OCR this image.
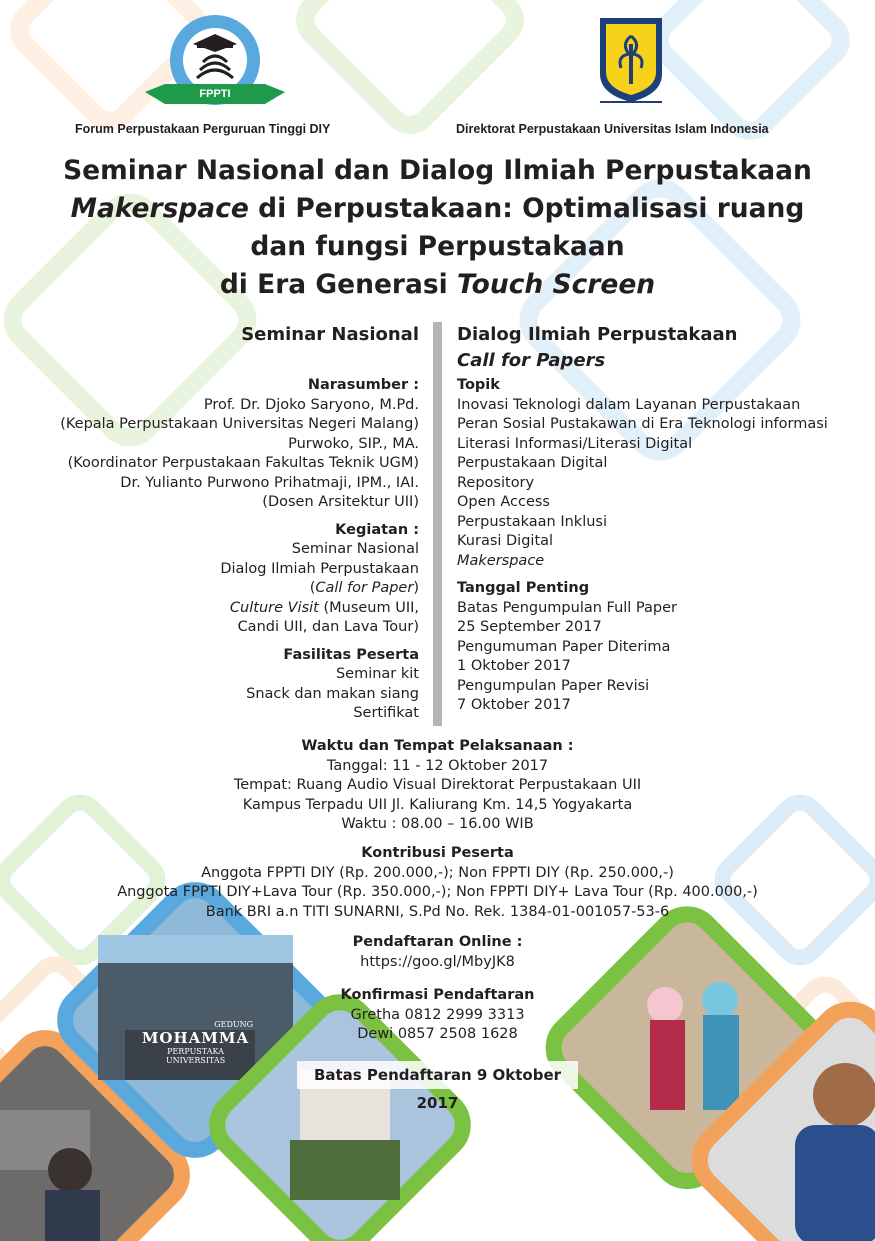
FPPTI
Forum Perpustakaan Perguruan Tinggi DIY	Direktorat Perpustakaan Universitas Islam Indonesia
Seminar Nasional dan Dialog Ilmiah Perpustakaan
Makerspace di Perpustakaan: Optimalisasi ruang
dan fungsi Perpustakaan
di Era Generasi Touch Screen
Seminar Nasional
Narasumber :
Prof. Dr. Djoko Saryono, M.Pd.
(Kepala Perpustakaan Universitas Negeri Malang)
Purwoko, SIP., MA.
(Koordinator Perpustakaan Fakultas Teknik UGM)
Dr. Yulianto Purwono Prihatmaji, IPM., IAI.
(Dosen Arsitektur UII)
Kegiatan :
Seminar Nasional
Dialog Ilmiah Perpustakaan
(Call for Paper)
Culture Visit (Museum UII,
Candi UII, dan Lava Tour)
Fasilitas Peserta
Seminar kit
Snack dan makan siang
Sertifikat
Dialog Ilmiah Perpustakaan
Call for Papers
Topik
Inovasi Teknologi dalam Layanan Perpustakaan
Peran Sosial Pustakawan di Era Teknologi informasi
Literasi Informasi/Literasi Digital
Perpustakaan Digital
Repository
Open Access
Perpustakaan Inklusi
Kurasi Digital
Makerspace
Tanggal Penting
Batas Pengumpulan Full Paper
25 September 2017
Pengumuman Paper Diterima
1 Oktober 2017
Pengumpulan Paper Revisi
7 Oktober 2017
Waktu dan Tempat Pelaksanaan :
Tanggal: 11 - 12 Oktober 2017
Tempat: Ruang Audio Visual Direktorat Perpustakaan UII
Kampus Terpadu UII Jl. Kaliurang Km. 14,5 Yogyakarta
Waktu : 08.00 – 16.00 WIB
Kontribusi Peserta
Anggota FPPTI DIY (Rp. 200.000,-); Non FPPTI DIY (Rp. 250.000,-)
Anggota FPPTI DIY+Lava Tour (Rp. 350.000,-); Non FPPTI DIY+ Lava Tour (Rp. 400.000,-)
Bank BRI a.n TITI SUNARNI, S.Pd No. Rek. 1384-01-001057-53-6
Pendaftaran Online :
https://goo.gl/MbyJK8
Konfirmasi Pendaftaran
Gretha 0812 2999 3313
Dewi 0857 2508 1628
Batas Pendaftaran 9 Oktober 2017
GEDUNG
MOHAMMA
PERPUSTAKA
UNIVERSITAS
